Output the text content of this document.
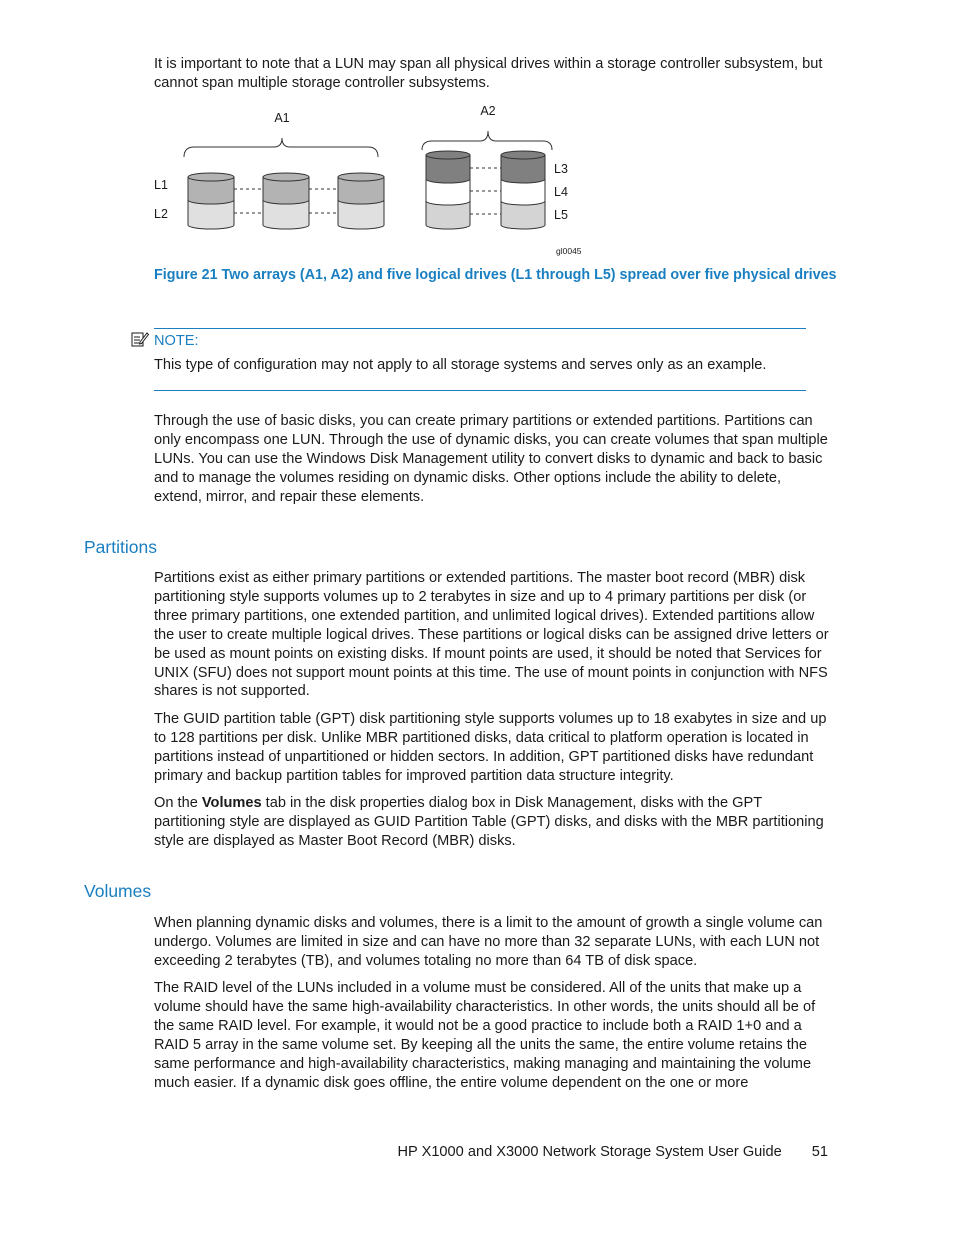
It is important to note that a LUN may span all physical drives within a storage controller subsystem, but cannot span multiple storage controller subsystems.

A1	A2
L1
L2
L3
L4
L5
gl0045

Figure 21 Two arrays (A1, A2) and five logical drives (L1 through L5) spread over five physical drives

NOTE:
This type of configuration may not apply to all storage systems and serves only as an example.

Through the use of basic disks, you can create primary partitions or extended partitions. Partitions can only encompass one LUN. Through the use of dynamic disks, you can create volumes that span multiple LUNs. You can use the Windows Disk Management utility to convert disks to dynamic and back to basic and to manage the volumes residing on dynamic disks. Other options include the ability to delete, extend, mirror, and repair these elements.

Partitions

Partitions exist as either primary partitions or extended partitions. The master boot record (MBR) disk partitioning style supports volumes up to 2 terabytes in size and up to 4 primary partitions per disk (or three primary partitions, one extended partition, and unlimited logical drives). Extended partitions allow the user to create multiple logical drives. These partitions or logical disks can be assigned drive letters or be used as mount points on existing disks. If mount points are used, it should be noted that Services for UNIX (SFU) does not support mount points at this time. The use of mount points in conjunction with NFS shares is not supported.

The GUID partition table (GPT) disk partitioning style supports volumes up to 18 exabytes in size and up to 128 partitions per disk. Unlike MBR partitioned disks, data critical to platform operation is located in partitions instead of unpartitioned or hidden sectors. In addition, GPT partitioned disks have redundant primary and backup partition tables for improved partition data structure integrity.

On the Volumes tab in the disk properties dialog box in Disk Management, disks with the GPT partitioning style are displayed as GUID Partition Table (GPT) disks, and disks with the MBR partitioning style are displayed as Master Boot Record (MBR) disks.

Volumes

When planning dynamic disks and volumes, there is a limit to the amount of growth a single volume can undergo. Volumes are limited in size and can have no more than 32 separate LUNs, with each LUN not exceeding 2 terabytes (TB), and volumes totaling no more than 64 TB of disk space.

The RAID level of the LUNs included in a volume must be considered. All of the units that make up a volume should have the same high-availability characteristics. In other words, the units should all be of the same RAID level. For example, it would not be a good practice to include both a RAID 1+0 and a RAID 5 array in the same volume set. By keeping all the units the same, the entire volume retains the same performance and high-availability characteristics, making managing and maintaining the volume much easier. If a dynamic disk goes offline, the entire volume dependent on the one or more

HP X1000 and X3000 Network Storage System User Guide 51
